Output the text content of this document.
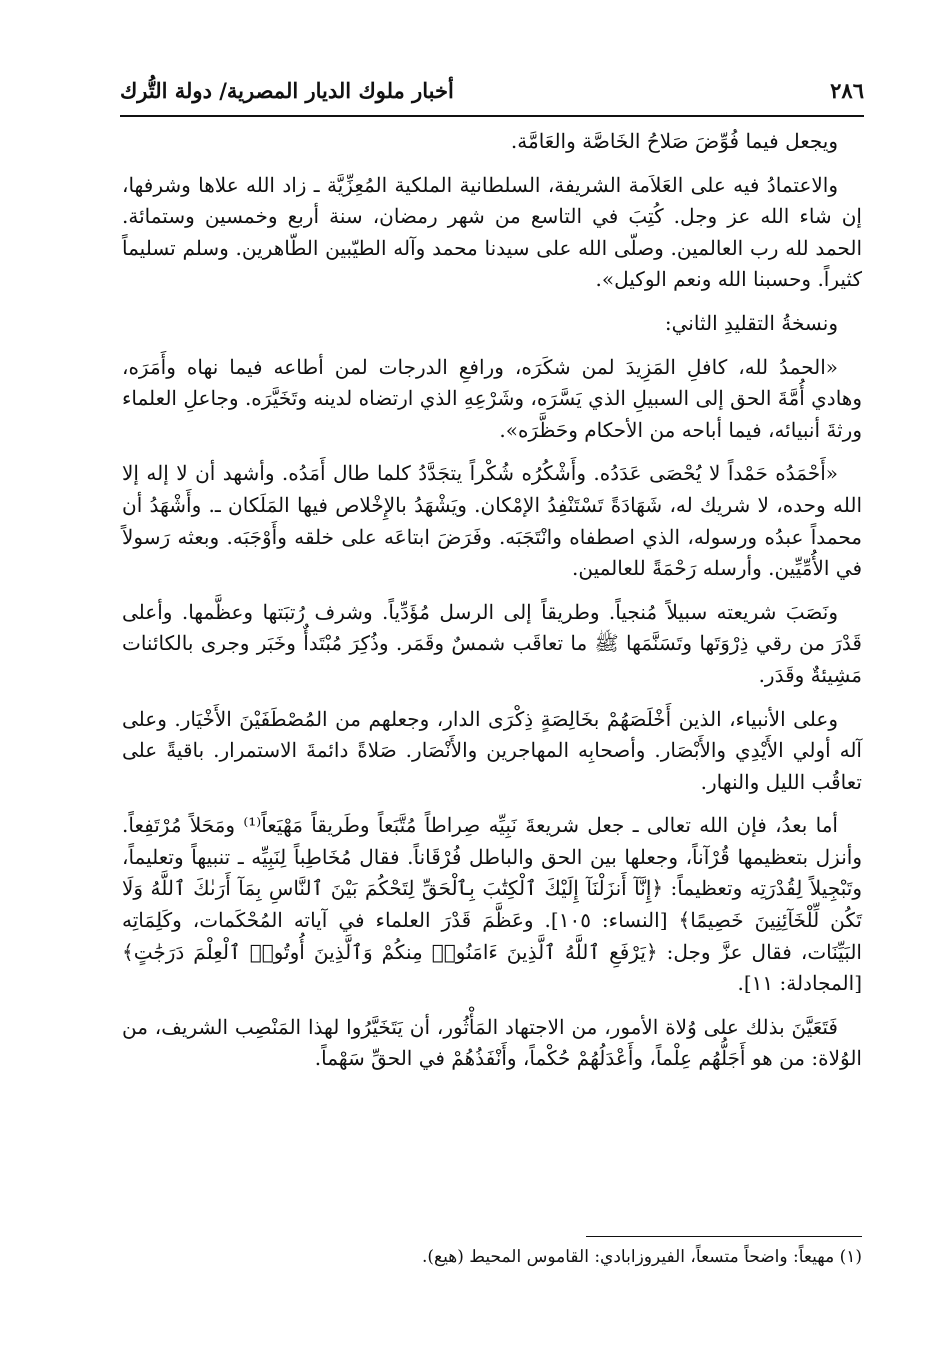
٢٨٦
أخبار ملوك الديار المصرية/ دولة التُّرك

ويجعل فيما فُوِّضَ صَلاحُ الخَاصَّة والعَامَّة.

والاعتمادُ فيه على العَلاَمة الشريفة، السلطانية الملكية المُعِزِّيَّة ـ زاد الله علاها وشرفها، إن شاء الله عز وجل. كُتِبَ في التاسع من شهر رمضان، سنة أربع وخمسين وستمائة. الحمد لله رب العالمين. وصلّى الله على سيدنا محمد وآله الطيّبين الطّاهرين. وسلم تسليماً كثيراً. وحسبنا الله ونعم الوكيل».

ونسخةُ التقليدِ الثاني:

«الحمدُ لله، كافلِ المَزِيدَ لمن شكَرَه، ورافعِ الدرجات لمن أطاعه فيما نهاه وأَمَرَه، وهادي أُمَّةَ الحق إلى السبيلِ الذي يَسَّرَه، وشَرْعِهِ الذي ارتضاه لدينه وتَخَيَّرَه. وجاعلِ العلماء ورثةَ أنبيائه، فيما أباحه من الأحكام وحَظَّرَه».

«أَحْمَدُه حَمْداً لا يُحْصَى عَدَدُه. وأَشْكُرُه شُكْراً يتجَدَّدُ كلما طال أَمَدُه. وأشهد أن لا إله إلا الله وحده، لا شريك له، شَهَادَةً تَسْتَنْفِدُ الإمْكان. ويَشْهَدُ بالإِخْلاص فيها المَلَكان ـ. وأَشْهَدُ أن محمداً عبدُه ورسوله، الذي اصطفاه وانْتَجَبَه. وفَرَضَ ابتاعَه على خلقه وأَوْجَبَه. وبعثه رَسولاً في الأُمِّيِّين. وأرسله رَحْمَةً للعالمين.

ونَصَبَ شريعته سبيلاً مُنجياً. وطريقاً إلى الرسل مُؤَدِّياً. وشرف رُتبَتها وعظَّمها. وأعلى قَدْرَ من رقي ذِرْوَتَها وتَسَنَّمَها ﷺ ما تعاقَب شمسٌ وقَمَر. وذُكِرَ مُبْتَدأٌ وخَبَر وجرى بالكائنات مَشِيئةٌ وقَدَر.

وعلى الأنبياء، الذين أَخْلَصَهُمْ بخَالِصَةٍ ذِكْرَى الدار، وجعلهم من المُصْطَفَيْنَ الأَخْيَار. وعلى آله أولي الأَيْدِي والأَبْصَار. وأصحابِه المهاجرين والأَنْصَار. صَلاةً دائمةَ الاستمرار. باقيةً على تعاقُب الليل والنهار.

أما بعدُ، فإن الله تعالى ـ جعل شريعةَ نَبِيِّه صِراطاً مُتَّبَعاً وطَريقاً مَهْيَعاً⁽¹⁾ ومَحَلاً مُرْتَفِعاً. وأنزل بتعظيمها قُرْآناً، وجعلها بين الحق والباطل فُرْقَاناً. فقال مُخَاطِباً لِنَبِيِّه ـ تنبيهاً وتعليماً، وتَبْجِيلاً لِقُدْرَتِه وتعظيماً: ﴿إِنَّآ أَنزَلْنَآ إِلَيْكَ ٱلْكِتَٰبَ بِٱلْحَقِّ لِتَحْكُمَ بَيْنَ ٱلنَّاسِ بِمَآ أَرَىٰكَ ٱللَّهُ وَلَا تَكُن لِّلْخَآئِنِينَ خَصِيمًا﴾ [النساء: ١٠٥]. وعَظَّمَ قَدْرَ العلماء في آياته المُحْكَمات، وكَلِمَاتِه البَيِّنَات، فقال عزَّ وجل: ﴿يَرْفَعِ ٱللَّهُ ٱلَّذِينَ ءَامَنُوا۟ مِنكُمْ وَٱلَّذِينَ أُوتُوا۟ ٱلْعِلْمَ دَرَجَٰتٍ﴾ [المجادلة: ١١].

فَتَعَيَّنَ بذلك على وُلاة الأمور، من الاجتهاد المَأْثُور، أن يَتَخَيَّرُوا لهذا المَنْصِب الشريف، من الوُلاة: من هو أَجَلُّهُم عِلْماً، وأَعْدَلُهُمْ حُكْماً، وأَنْفَذُهُمْ في الحقِّ سَهْماً.

(١) مهيعاً: واضحاً متسعاً، الفيروزابادي: القاموس المحيط (هيع).
